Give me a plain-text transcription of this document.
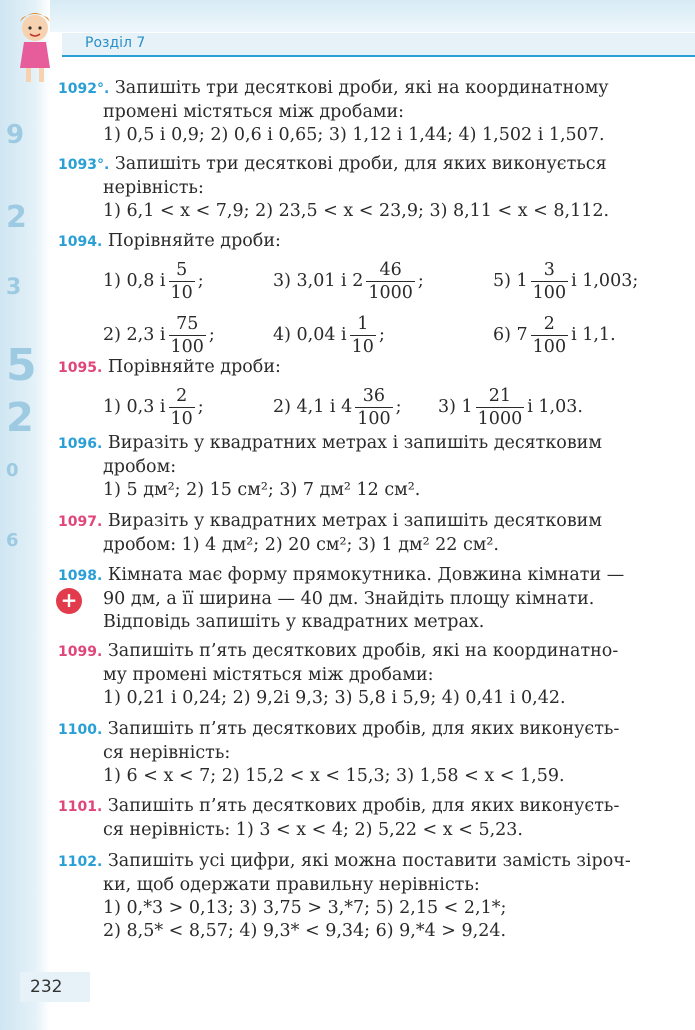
9
2
3
5
2
0
6
Розділ 7
1092°. Запишіть три десяткові дроби, які на координатному
промені містяться між дробами:
1) 0,5 і 0,9; 2) 0,6 і 0,65; 3) 1,12 і 1,44; 4) 1,502 і 1,507.
1093°. Запишіть три десяткові дроби, для яких виконується
нерівність:
1) 6,1 < x < 7,9; 2) 23,5 < x < 23,9; 3) 8,11 < x < 8,112.
1094. Порівняйте дроби:
1) 0,8 і $\frac{5}{10}$ ;	3) 3,01 і $2 \frac{46}{1000}$ ;	5) $1 \frac{3}{100}$ і 1,003;
2) 2,3 і $\frac{75}{100}$ ;	4) 0,04 і $\frac{1}{10}$ ;	6) $7 \frac{2}{100}$ і 1,1.
1095. Порівняйте дроби:
1) 0,3 і $\frac{2}{10}$ ;	2) 4,1 і $4 \frac{36}{100}$ ; 3) $1 \frac{21}{1000}$ і 1,03.
1096. Виразіть у квадратних метрах і запишіть десятковим
дробом:
1) 5 дм²; 2) 15 см²; 3) 7 дм² 12 см².
1097. Виразіть у квадратних метрах і запишіть десятковим
дробом: 1) 4 дм²; 2) 20 см²; 3) 1 дм² 22 см².
+
1098. Кімната має форму прямокутника. Довжина кімнати —
90 дм, а її ширина — 40 дм. Знайдіть площу кімнати.
Відповідь запишіть у квадратних метрах.
1099. Запишіть п’ять десяткових дробів, які на координатно-
му промені містяться між дробами:
1) 0,21 і 0,24; 2) 9,2і 9,3; 3) 5,8 і 5,9; 4) 0,41 і 0,42.
1100. Запишіть п’ять десяткових дробів, для яких виконуєть-
ся нерівність:
1) 6 < x < 7; 2) 15,2 < x < 15,3; 3) 1,58 < x < 1,59.
1101. Запишіть п’ять десяткових дробів, для яких виконуєть-
ся нерівність: 1) 3 < x < 4; 2) 5,22 < x < 5,23.
1102. Запишіть усі цифри, які можна поставити замість зіроч-
ки, щоб одержати правильну нерівність:
1) 0,*3 > 0,13; 3) 3,75 > 3,*7; 5) 2,15 < 2,1*;
2) 8,5* < 8,57; 4) 9,3* < 9,34; 6) 9,*4 > 9,24.
232
